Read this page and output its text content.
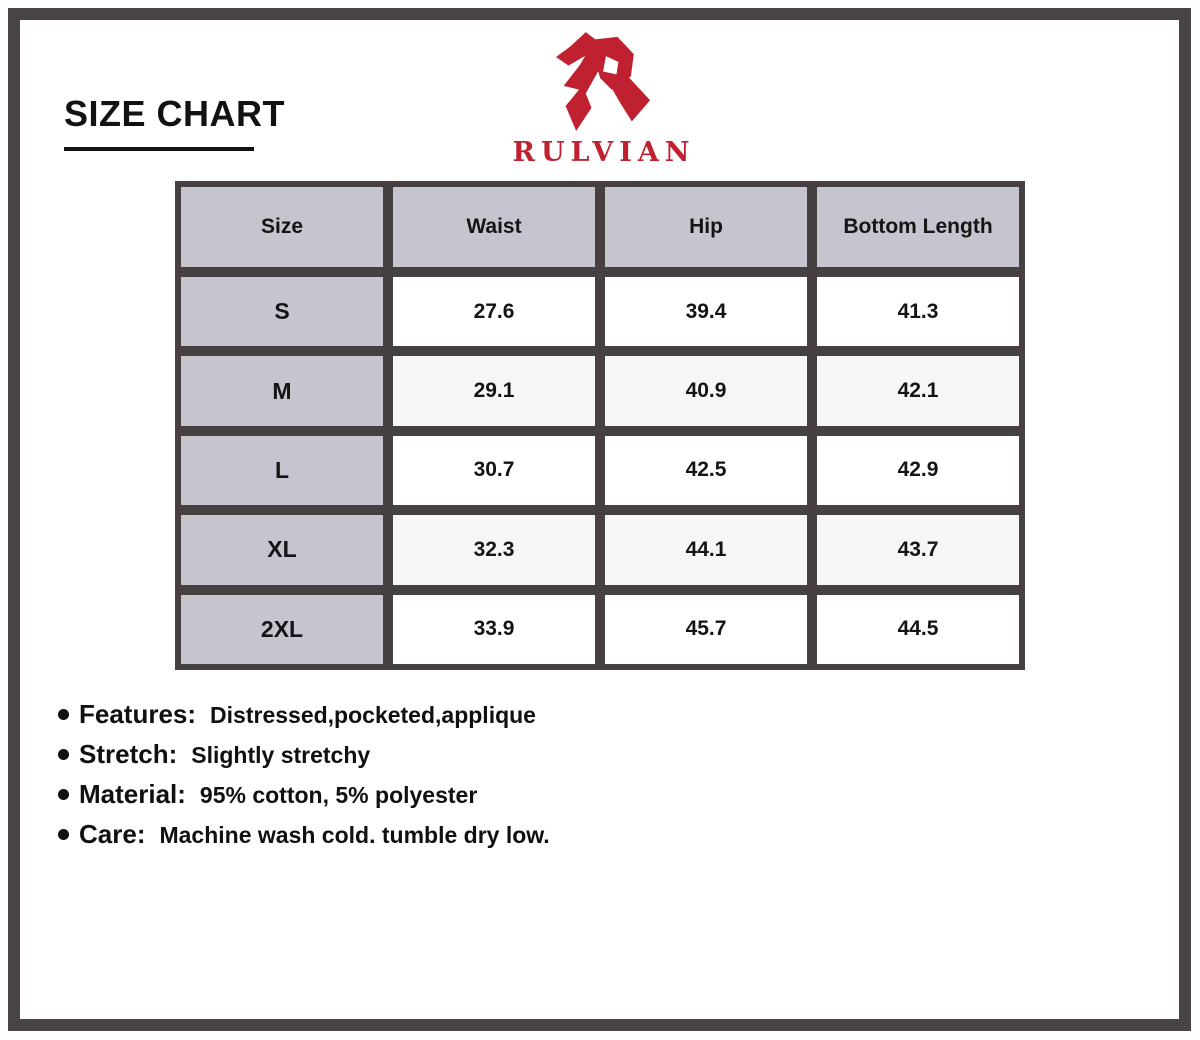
SIZE CHART
RULVIAN
Size	Waist	Hip	Bottom Length
S	27.6	39.4	41.3
M	29.1	40.9	42.1
L	30.7	42.5	42.9
XL	32.3	44.1	43.7
2XL	33.9	45.7	44.5
Features: Distressed,pocketed,applique
Stretch: Slightly stretchy
Material: 95% cotton, 5% polyester
Care: Machine wash cold. tumble dry low.
